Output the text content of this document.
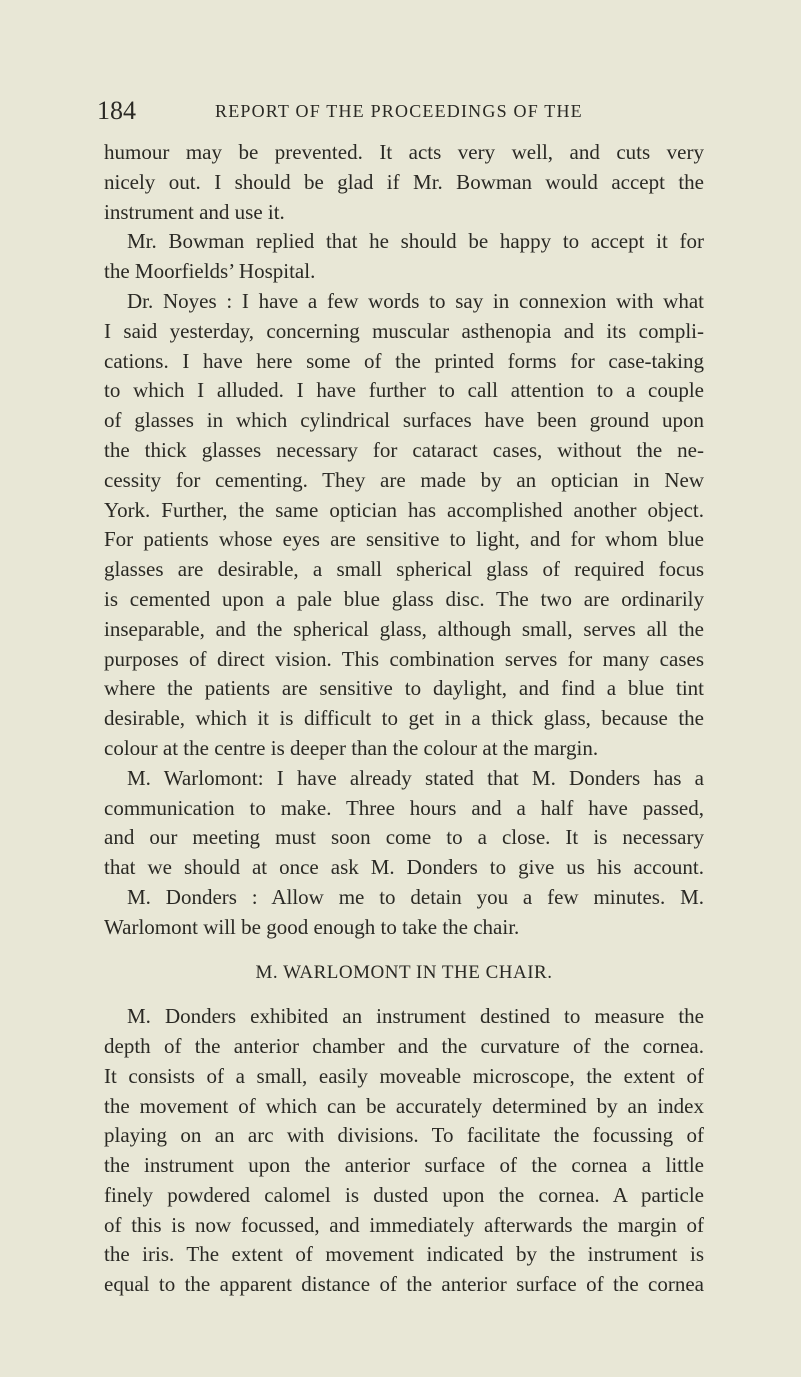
184	REPORT OF THE PROCEEDINGS OF THE
humour may be prevented. It acts very well, and cuts very
nicely out. I should be glad if Mr. Bowman would accept the
instrument and use it.
Mr. Bowman replied that he should be happy to accept it for
the Moorfields’ Hospital.
Dr. Noyes : I have a few words to say in connexion with what
I said yesterday, concerning muscular asthenopia and its compli-
cations. I have here some of the printed forms for case-taking
to which I alluded. I have further to call attention to a couple
of glasses in which cylindrical surfaces have been ground upon
the thick glasses necessary for cataract cases, without the ne-
cessity for cementing. They are made by an optician in New
York. Further, the same optician has accomplished another object.
For patients whose eyes are sensitive to light, and for whom blue
glasses are desirable, a small spherical glass of required focus
is cemented upon a pale blue glass disc. The two are ordinarily
inseparable, and the spherical glass, although small, serves all the
purposes of direct vision. This combination serves for many cases
where the patients are sensitive to daylight, and find a blue tint
desirable, which it is difficult to get in a thick glass, because the
colour at the centre is deeper than the colour at the margin.
M. Warlomont: I have already stated that M. Donders has a
communication to make. Three hours and a half have passed,
and our meeting must soon come to a close. It is necessary
that we should at once ask M. Donders to give us his account.
M. Donders : Allow me to detain you a few minutes. M.
Warlomont will be good enough to take the chair.
M. WARLOMONT IN THE CHAIR.
M. Donders exhibited an instrument destined to measure the
depth of the anterior chamber and the curvature of the cornea.
It consists of a small, easily moveable microscope, the extent of
the movement of which can be accurately determined by an index
playing on an arc with divisions. To facilitate the focussing of
the instrument upon the anterior surface of the cornea a little
finely powdered calomel is dusted upon the cornea. A particle
of this is now focussed, and immediately afterwards the margin of
the iris. The extent of movement indicated by the instrument is
equal to the apparent distance of the anterior surface of the cornea
